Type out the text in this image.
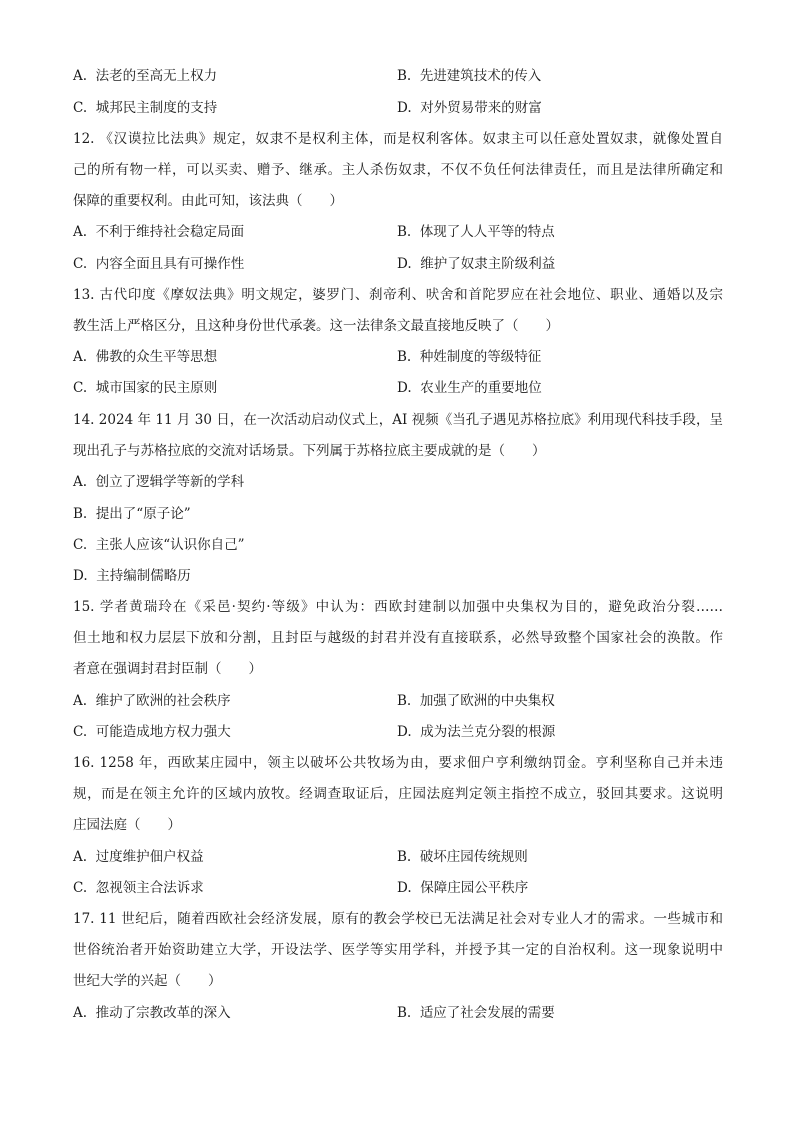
A. 法老的至高无上权力	B. 先进建筑技术的传入
C. 城邦民主制度的支持	D. 对外贸易带来的财富
12. 《汉谟拉比法典》规定，奴隶不是权利主体，而是权利客体。奴隶主可以任意处置奴隶，就像处置自
己的所有物一样，可以买卖、赠予、继承。主人杀伤奴隶，不仅不负任何法律责任，而且是法律所确定和
保障的重要权利。由此可知，该法典（　　）
A. 不利于维持社会稳定局面	B. 体现了人人平等的特点
C. 内容全面且具有可操作性	D. 维护了奴隶主阶级利益
13. 古代印度《摩奴法典》明文规定，婆罗门、刹帝利、吠舍和首陀罗应在社会地位、职业、通婚以及宗
教生活上严格区分，且这种身份世代承袭。这一法律条文最直接地反映了（　　）
A. 佛教的众生平等思想	B. 种姓制度的等级特征
C. 城市国家的民主原则	D. 农业生产的重要地位
14. 2024 年 11 月 30 日，在一次活动启动仪式上，AI 视频《当孔子遇见苏格拉底》利用现代科技手段，呈
现出孔子与苏格拉底的交流对话场景。下列属于苏格拉底主要成就的是（　　）
A. 创立了逻辑学等新的学科
B. 提出了“原子论”
C. 主张人应该“认识你自己”
D. 主持编制儒略历
15. 学者黄瑞玲在《采邑·契约·等级》中认为：西欧封建制以加强中央集权为目的，避免政治分裂……
但土地和权力层层下放和分割，且封臣与越级的封君并没有直接联系，必然导致整个国家社会的涣散。作
者意在强调封君封臣制（　　）
A. 维护了欧洲的社会秩序	B. 加强了欧洲的中央集权
C. 可能造成地方权力强大	D. 成为法兰克分裂的根源
16. 1258 年，西欧某庄园中，领主以破坏公共牧场为由，要求佃户亨利缴纳罚金。亨利坚称自己并未违
规，而是在领主允许的区域内放牧。经调查取证后，庄园法庭判定领主指控不成立，驳回其要求。这说明
庄园法庭（　　）
A. 过度维护佃户权益	B. 破坏庄园传统规则
C. 忽视领主合法诉求	D. 保障庄园公平秩序
17. 11 世纪后，随着西欧社会经济发展，原有的教会学校已无法满足社会对专业人才的需求。一些城市和
世俗统治者开始资助建立大学，开设法学、医学等实用学科，并授予其一定的自治权利。这一现象说明中
世纪大学的兴起（　　）
A. 推动了宗教改革的深入	B. 适应了社会发展的需要
